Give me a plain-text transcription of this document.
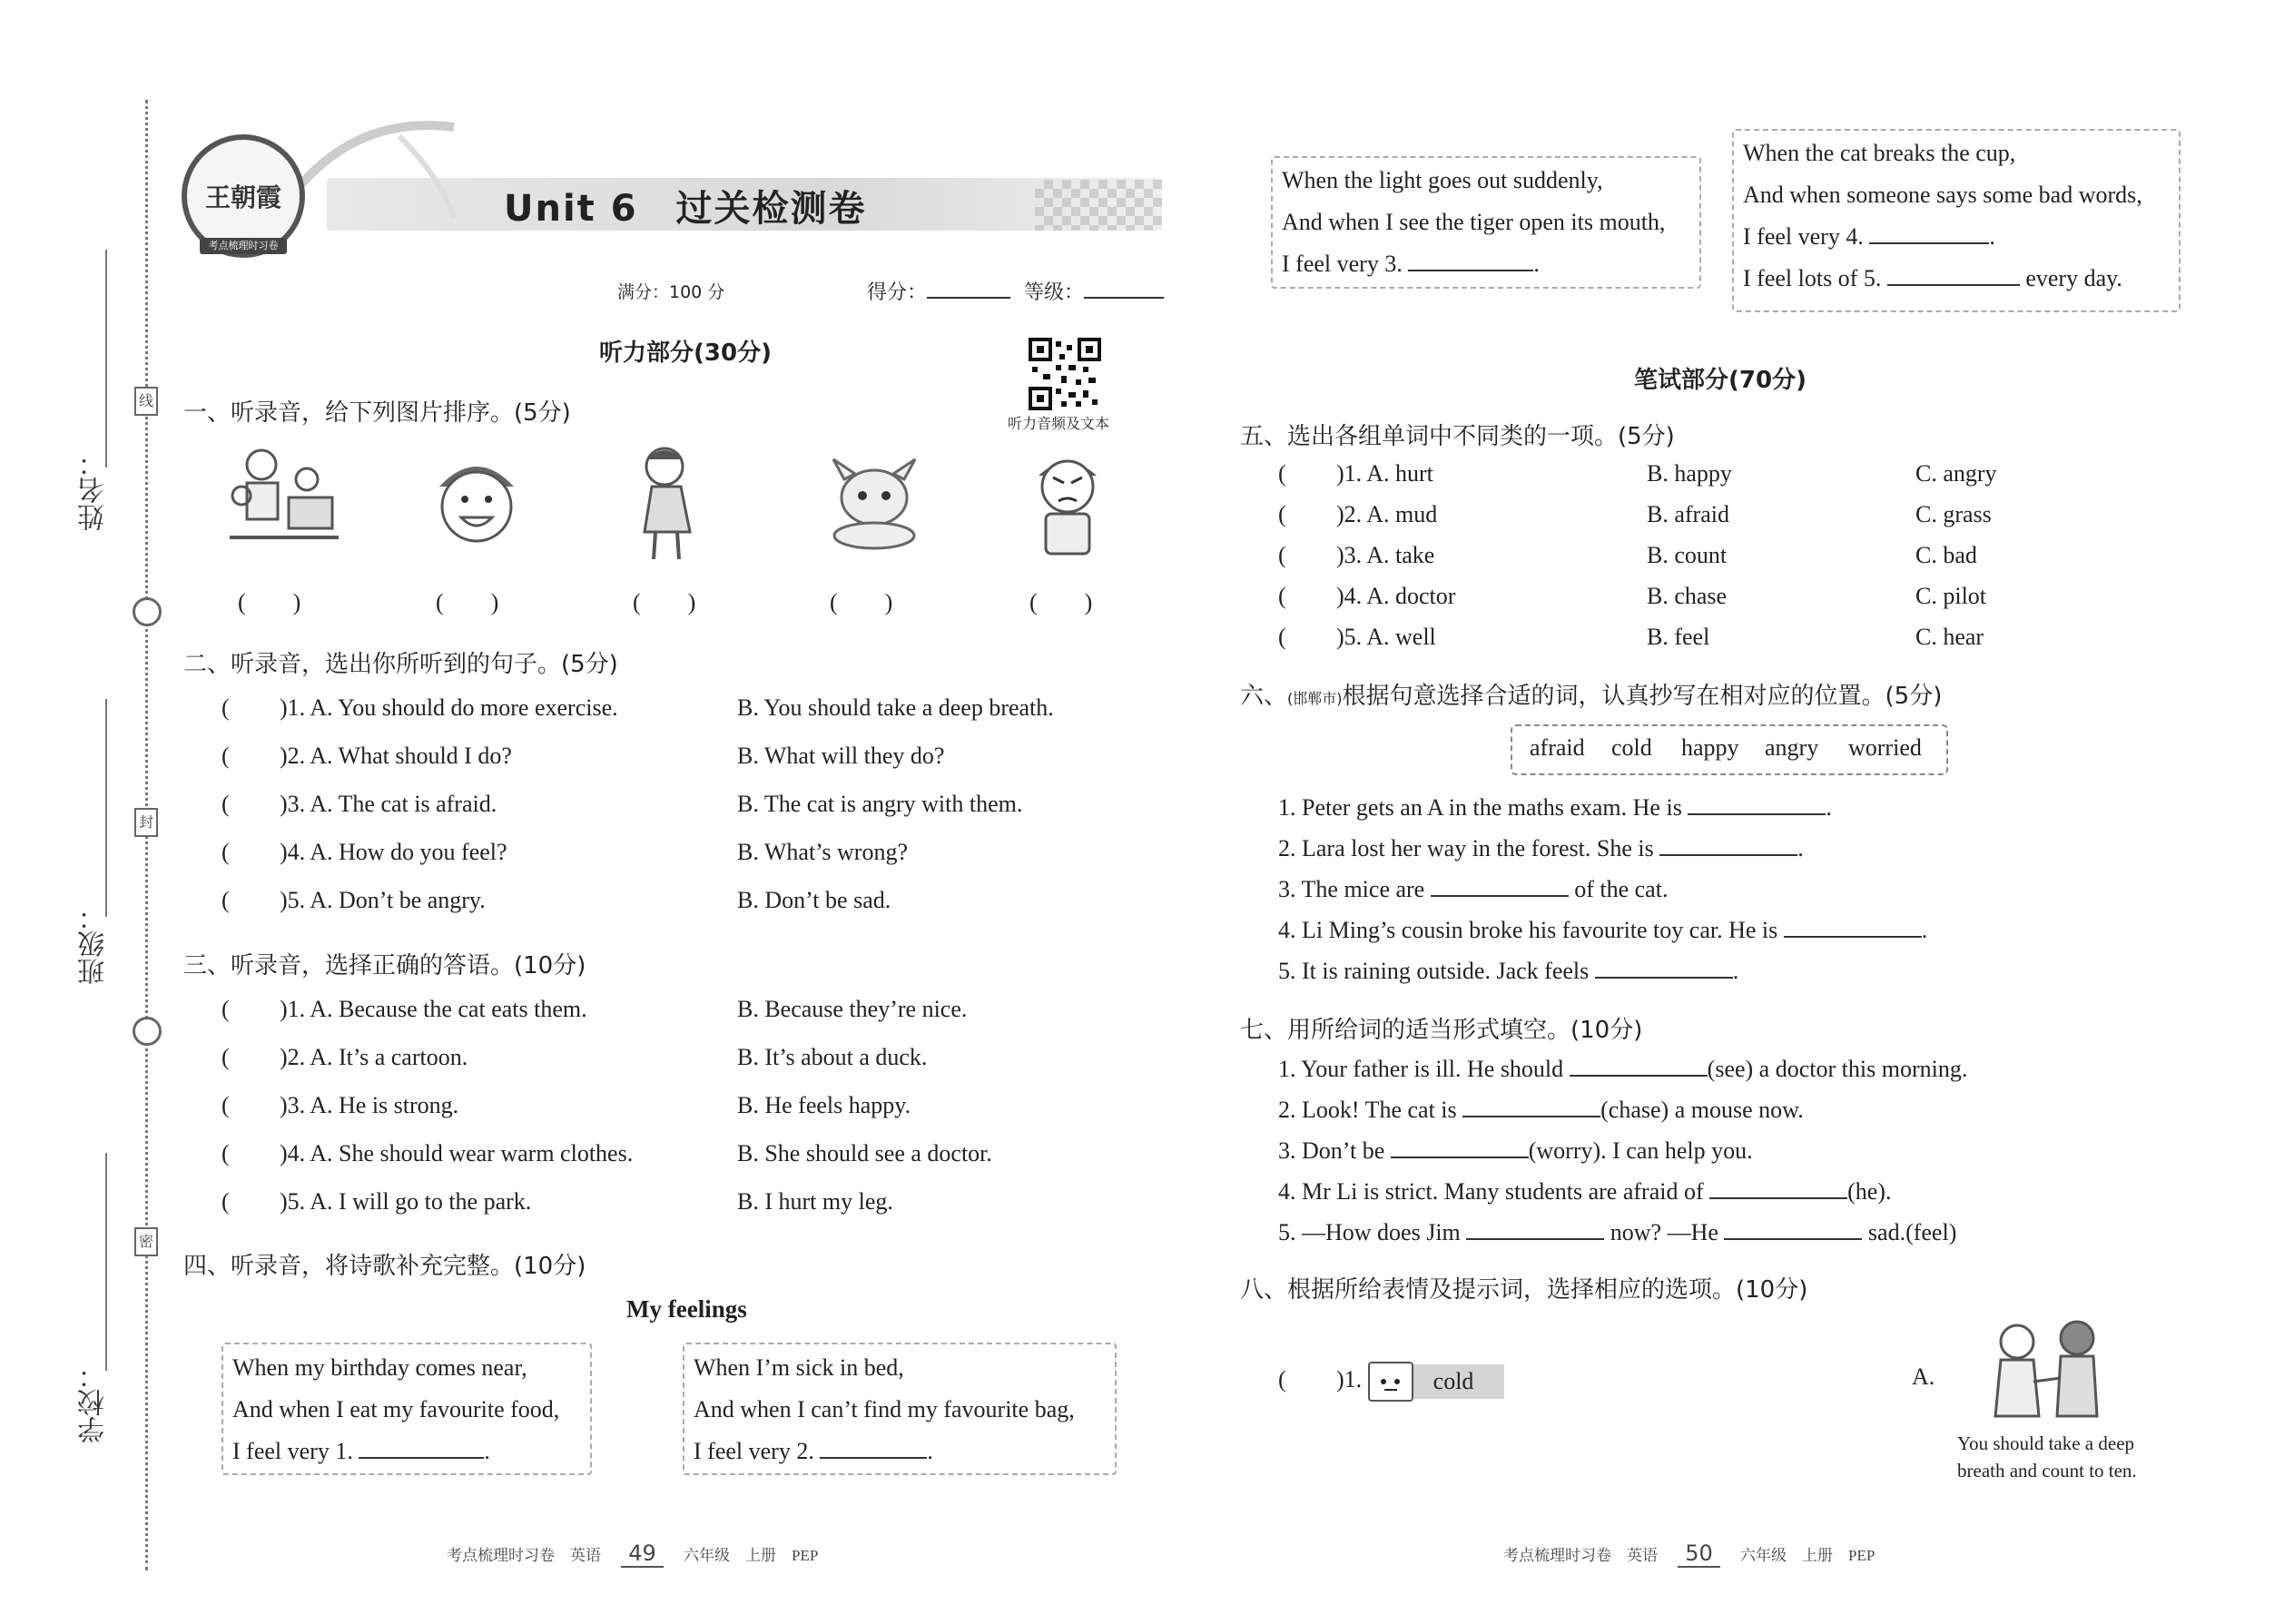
姓名：
班级：
学校：
线
封
密
王朝霞
考点梳理时习卷
Unit 6　过关检测卷
满分：100 分	得分：	等级：
听力部分(30分)
听力音频及文本
一、听录音，给下列图片排序。(5分)
(　　)	(　　)	(　　)	(　　)	(　　)
二、听录音，选出你所听到的句子。(5分)
( )1. A. You should do more exercise.	B. You should take a deep breath.
( )2. A. What should I do?	B. What will they do?
( )3. A. The cat is afraid.	B. The cat is angry with them.
( )4. A. How do you feel?	B. What’s wrong?
( )5. A. Don’t be angry.	B. Don’t be sad.
三、听录音，选择正确的答语。(10分)
( )1. A. Because the cat eats them.	B. Because they’re nice.
( )2. A. It’s a cartoon.	B. It’s about a duck.
( )3. A. He is strong.	B. He feels happy.
( )4. A. She should wear warm clothes.	B. She should see a doctor.
( )5. A. I will go to the park.	B. I hurt my leg.
四、听录音，将诗歌补充完整。(10分)
My feelings
When my birthday comes near,
And when I eat my favourite food,
I feel very 1.	.
When I’m sick in bed,
And when I can’t find my favourite bag,
I feel very 2.	.
When the light goes out suddenly,
And when I see the tiger open its mouth,
I feel very 3.	.
When the cat breaks the cup,
And when someone says some bad words,
I feel very 4.	.
I feel lots of 5.	every day.
笔试部分(70分)
五、选出各组单词中不同类的一项。(5分)
( )1. A. hurt	B. happy	C. angry
( )2. A. mud	B. afraid	C. grass
( )3. A. take	B. count	C. bad
( )4. A. doctor	B. chase	C. pilot
( )5. A. well	B. feel	C. hear
六、(邯郸市)根据句意选择合适的词，认真抄写在相对应的位置。(5分)
afraid cold happy angry worried
1. Peter gets an A in the maths exam. He is	.
2. Lara lost her way in the forest. She is	.
3. The mice are	of the cat.
4. Li Ming’s cousin broke his favourite toy car. He is	.
5. It is raining outside. Jack feels	.
七、用所给词的适当形式填空。(10分)
1. Your father is ill. He should	(see) a doctor this morning.
2. Look! The cat is	(chase) a mouse now.
3. Don’t be	(worry). I can help you.
4. Mr Li is strict. Many students are afraid of	(he).
5. —How does Jim	now? —He	sad.(feel)
八、根据所给表情及提示词，选择相应的选项。(10分)
( )1.	cold	A.
You should take a deep
breath and count to ten.
考点梳理时习卷 英语 49 六年级 上册 PEP	考点梳理时习卷 英语 50 六年级 上册 PEP
